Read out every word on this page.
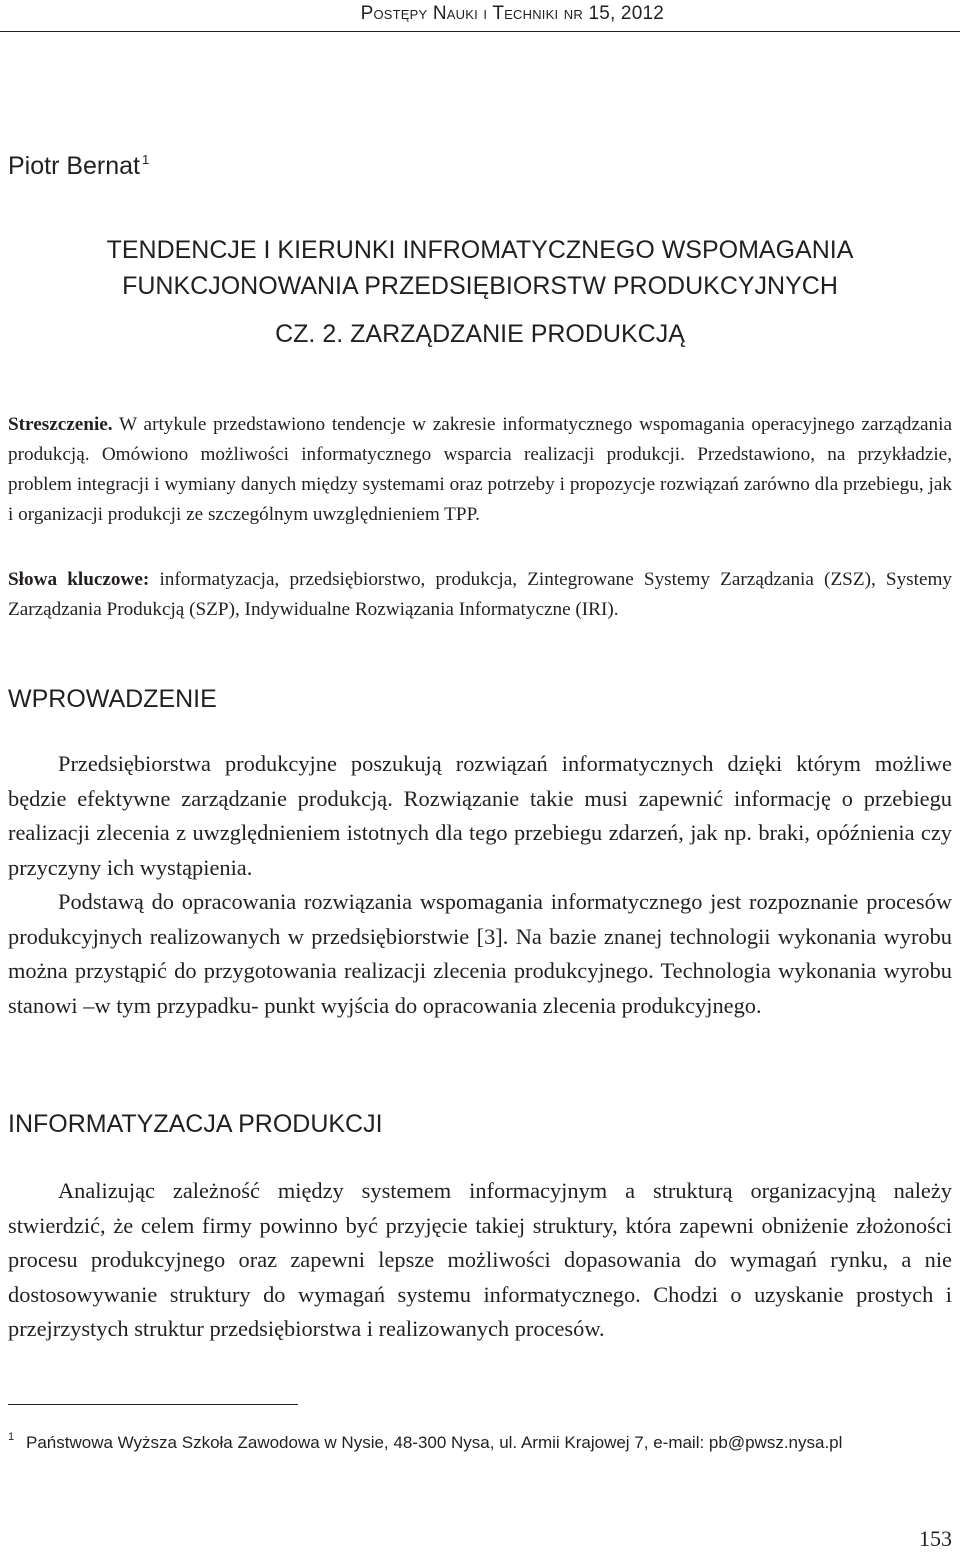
Postępy Nauki i Techniki nr 15, 2012
Piotr Bernat $^1$
TENDENCJE I KIERUNKI INFROMATYCZNEGO WSPOMAGANIA
FUNKCJONOWANIA PRZEDSIĘBIORSTW PRODUKCYJNYCH
CZ. 2. ZARZĄDZANIE PRODUKCJĄ
Streszczenie. W artykule przedstawiono tendencje w zakresie informatycznego wspomagania operacyjnego zarządzania produkcją. Omówiono możliwości informatycznego wsparcia realizacji produkcji. Przedstawiono, na przykładzie, problem integracji i wymiany danych między systemami oraz potrzeby i propozycje rozwiązań zarówno dla przebiegu, jak i organizacji produkcji ze szczególnym uwzględnieniem TPP.
Słowa kluczowe: informatyzacja, przedsiębiorstwo, produkcja, Zintegrowane Systemy Zarządzania (ZSZ), Systemy Zarządzania Produkcją (SZP), Indywidualne Rozwiązania Informatyczne (IRI).
WPROWADZENIE

Przedsiębiorstwa produkcyjne poszukują rozwiązań informatycznych dzięki którym możliwe będzie efektywne zarządzanie produkcją. Rozwiązanie takie musi zapewnić informację o przebiegu realizacji zlecenia z uwzględnieniem istotnych dla tego przebiegu zdarzeń, jak np. braki, opóźnienia czy przyczyny ich wystąpienia.

Podstawą do opracowania rozwiązania wspomagania informatycznego jest rozpoznanie procesów produkcyjnych realizowanych w przedsiębiorstwie [3]. Na bazie znanej technologii wykonania wyrobu można przystąpić do przygotowania realizacji zlecenia produkcyjnego. Technologia wykonania wyrobu stanowi –w tym przypadku- punkt wyjścia do opracowania zlecenia produkcyjnego.

INFORMATYZACJA PRODUKCJI

Analizując zależność między systemem informacyjnym a strukturą organizacyjną należy stwierdzić, że celem firmy powinno być przyjęcie takiej struktury, która zapewni obniżenie złożoności procesu produkcyjnego oraz zapewni lepsze możliwości dopasowania do wymagań rynku, a nie dostosowywanie struktury do wymagań systemu informatycznego. Chodzi o uzyskanie prostych i przejrzystych struktur przedsiębiorstwa i realizowanych procesów.

1 Państwowa Wyższa Szkoła Zawodowa w Nysie, 48-300 Nysa, ul. Armii Krajowej 7, e-mail: pb@pwsz.nysa.pl
153
